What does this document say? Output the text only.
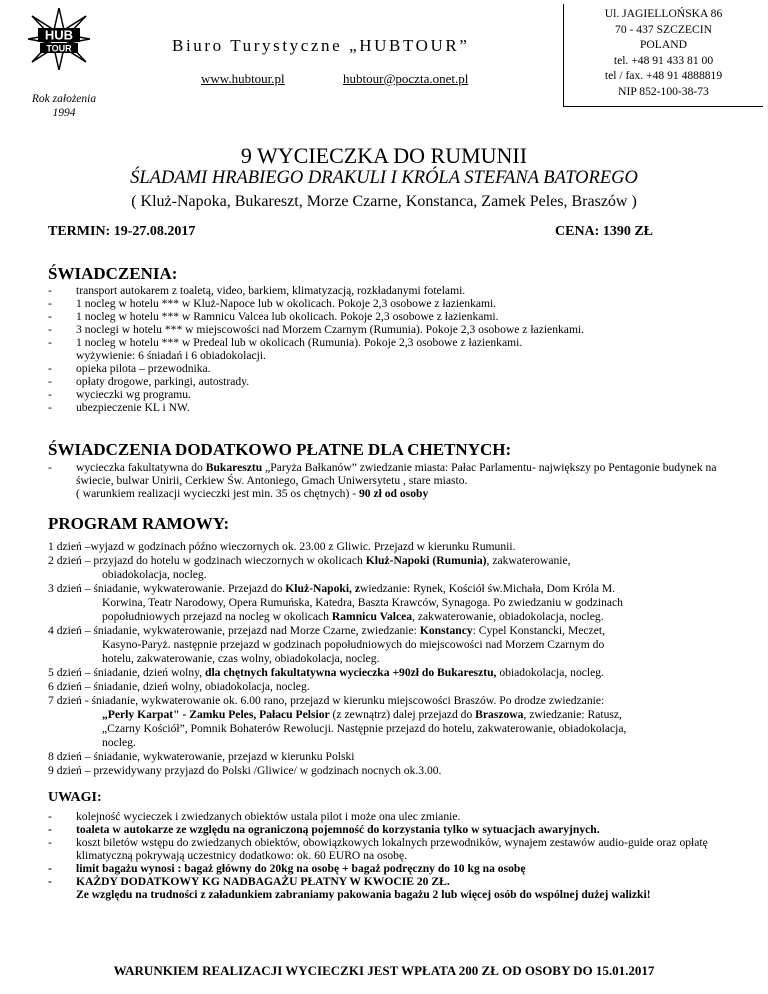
HUB
TOUR
Rok założenia
1994
Biuro Turystyczne „HUBTOUR”
www.hubtour.pl	hubtour@poczta.onet.pl
Ul. JAGIELLOŃSKA 86
70 - 437 SZCZECIN
POLAND
tel. +48 91 433 81 00
tel / fax. +48 91 4888819
NIP 852-100-38-73
9 WYCIECZKA DO RUMUNII
ŚLADAMI HRABIEGO DRAKULI I KRÓLA STEFANA BATOREGO
( Kluż-Napoka, Bukareszt, Morze Czarne, Konstanca, Zamek Peles, Braszów )
TERMIN: 19-27.08.2017	CENA: 1390 ZŁ
ŚWIADCZENIA:
- transport autokarem z toaletą, video, barkiem, klimatyzacją, rozkładanymi fotelami.
- 1 nocleg w hotelu *** w Kluż-Napoce lub w okolicach. Pokoje 2,3 osobowe z łazienkami.
- 1 nocleg w hotelu *** w Ramnicu Valcea lub okolicach. Pokoje 2,3 osobowe z łazienkami.
- 3 noclegi w hotelu *** w miejscowości nad Morzem Czarnym (Rumunia). Pokoje 2,3 osobowe z łazienkami.
- 1 nocleg w hotelu *** w Predeal lub w okolicach (Rumunia). Pokoje 2,3 osobowe z łazienkami.
wyżywienie: 6 śniadań i 6 obiadokolacji.
- opieka pilota – przewodnika.
- opłaty drogowe, parkingi, autostrady.
- wycieczki wg programu.
- ubezpieczenie KL i NW.
ŚWIADCZENIA DODATKOWO PŁATNE DLA CHETNYCH:
- wycieczka fakultatywna do Bukaresztu „Paryża Bałkanów” zwiedzanie miasta: Pałac Parlamentu- największy po Pentagonie budynek na świecie, bulwar Unirii, Cerkiew Św. Antoniego, Gmach Uniwersytetu , stare miasto.
( warunkiem realizacji wycieczki jest min. 35 os chętnych) - 90 zł od osoby
PROGRAM RAMOWY:
1 dzień –wyjazd w godzinach późno wieczornych ok. 23.00 z Gliwic. Przejazd w kierunku Rumunii.
2 dzień – przyjazd do hotelu w godzinach wieczornych w okolicach Kluż-Napoki (Rumunia), zakwaterowanie,
obiadokolacja, nocleg.
3 dzień – śniadanie, wykwaterowanie. Przejazd do Kluż-Napoki, zwiedzanie: Rynek, Kościół św.Michała, Dom Króla M.
Korwina, Teatr Narodowy, Opera Rumuńska, Katedra, Baszta Krawców, Synagoga. Po zwiedzaniu w godzinach
popołudniowych przejazd na nocleg w okolicach Ramnicu Valcea, zakwaterowanie, obiadokolacja, nocleg.
4 dzień – śniadanie, wykwaterowanie, przejazd nad Morze Czarne, zwiedzanie: Konstancy: Cypel Konstancki, Meczet,
Kasyno-Paryż. następnie przejazd w godzinach popołudniowych do miejscowości nad Morzem Czarnym do
hotelu, zakwaterowanie, czas wolny, obiadokolacja, nocleg.
5 dzień – śniadanie, dzień wolny, dla chętnych fakultatywna wycieczka +90zł do Bukaresztu, obiadokolacja, nocleg.
6 dzień – śniadanie, dzień wolny, obiadokolacja, nocleg.
7 dzień - śniadanie, wykwaterowanie ok. 6.00 rano, przejazd w kierunku miejscowości Braszów. Po drodze zwiedzanie:
„Perły Karpat" - Zamku Peles, Pałacu Pelsior (z zewnątrz) dalej przejazd do Braszowa, zwiedzanie: Ratusz,
„Czarny Kościół”, Pomnik Bohaterów Rewolucji. Następnie przejazd do hotelu, zakwaterowanie, obiadokolacja,
nocleg.
8 dzień – śniadanie, wykwaterowanie, przejazd w kierunku Polski
9 dzień – przewidywany przyjazd do Polski /Gliwice/ w godzinach nocnych ok.3.00.
UWAGI:
- kolejność wycieczek i zwiedzanych obiektów ustala pilot i może ona ulec zmianie.
- toaleta w autokarze ze względu na ograniczoną pojemność do korzystania tylko w sytuacjach awaryjnych.
- koszt biletów wstępu do zwiedzanych obiektów, obowiązkowych lokalnych przewodników, wynajem zestawów audio-guide oraz opłatę klimatyczną pokrywają uczestnicy dodatkowo: ok. 60 EURO na osobę.
- limit bagażu wynosi : bagaż główny do 20kg na osobę + bagaż podręczny do 10 kg na osobę
- KAŻDY DODATKOWY KG NADBAGAŻU PŁATNY W KWOCIE 20 ZŁ.
Ze względu na trudności z załadunkiem zabraniamy pakowania bagażu 2 lub więcej osób do wspólnej dużej walizki!
WARUNKIEM REALIZACJI WYCIECZKI JEST WPŁATA 200 ZŁ OD OSOBY DO 15.01.2017
